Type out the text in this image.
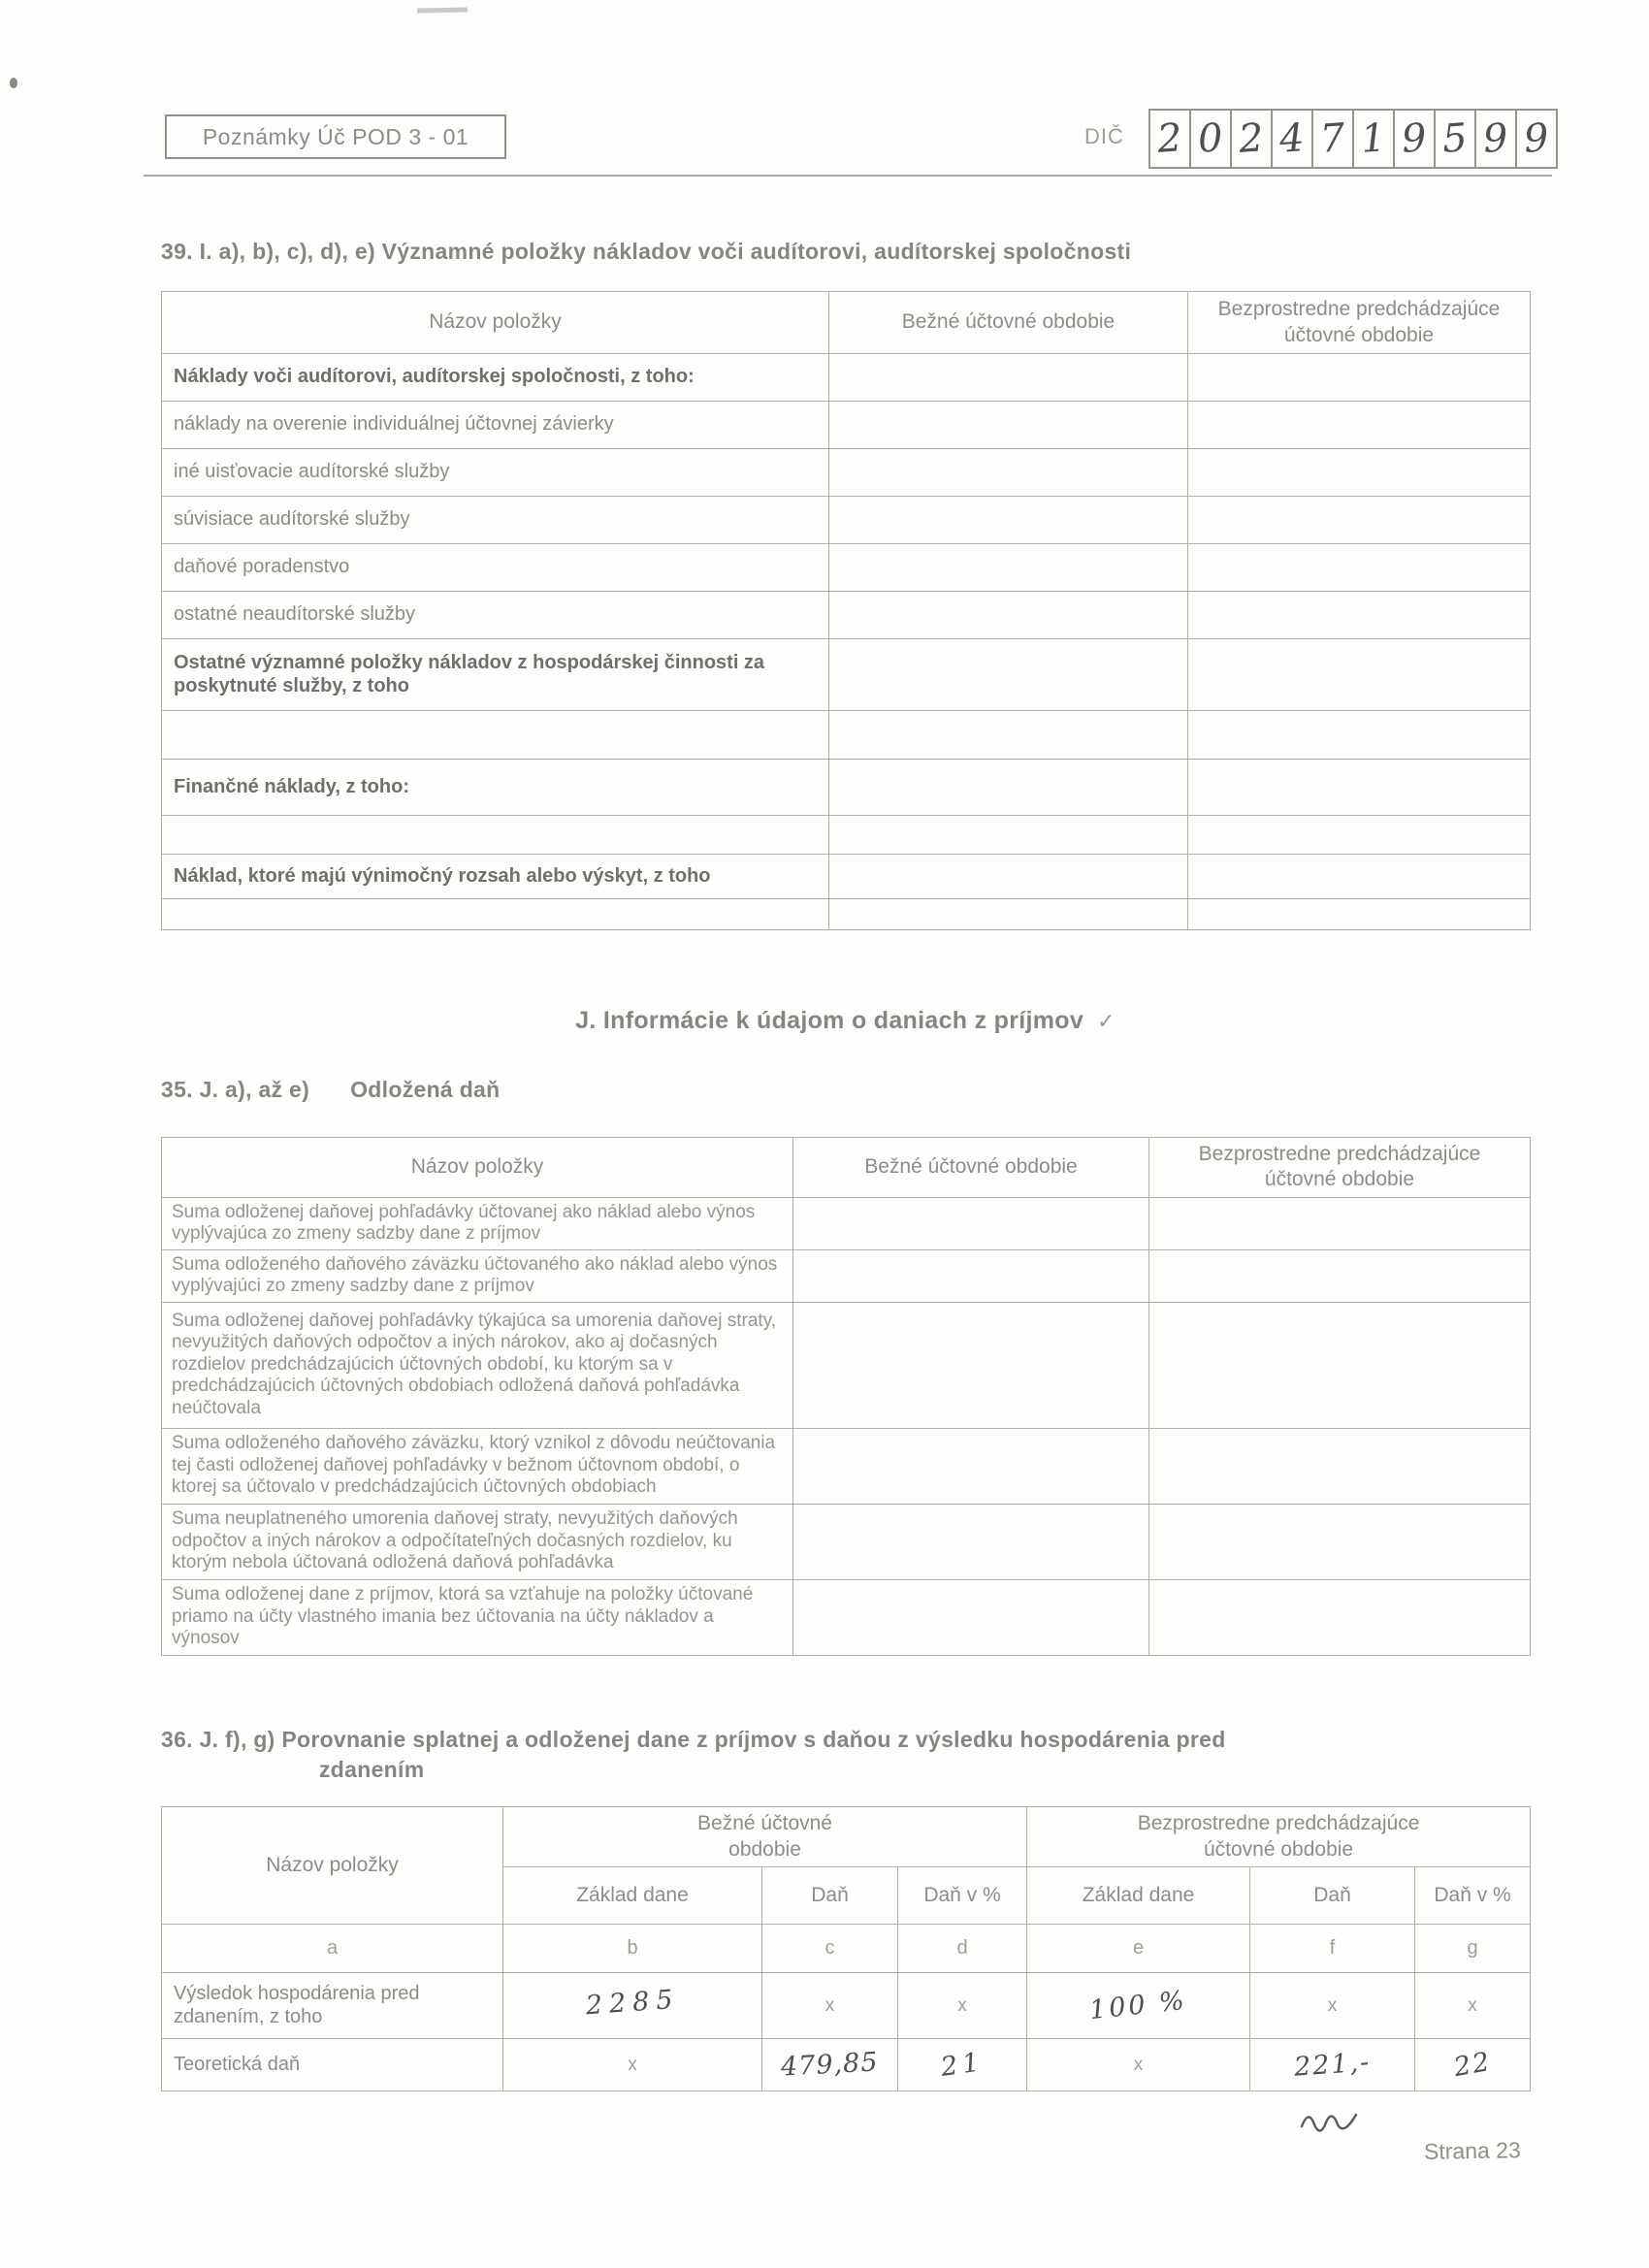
Poznámky Úč POD 3 - 01	DIČ 2 0 2 4 7 1 9 5 9 9
39. I. a), b), c), d), e) Významné položky nákladov voči audítorovi, audítorskej spoločnosti
Názov položky	Bežné účtovné obdobie	Bezprostredne predchádzajúce účtovné obdobie
Náklady voči audítorovi, audítorskej spoločnosti, z toho:		
náklady na overenie individuálnej účtovnej závierky		
iné uisťovacie audítorské služby		
súvisiace audítorské služby		
daňové poradenstvo		
ostatné neaudítorské služby		
Ostatné významné položky nákladov z hospodárskej činnosti za poskytnuté služby, z toho		

Finančné náklady, z toho:		

Náklad, ktoré majú výnimočný rozsah alebo výskyt, z toho		

J. Informácie k údajom o daniach z príjmov ✓
35. J. a), až e) Odložená daň
Názov položky	Bežné účtovné obdobie	Bezprostredne predchádzajúce účtovné obdobie
Suma odloženej daňovej pohľadávky účtovanej ako náklad alebo výnos vyplývajúca zo zmeny sadzby dane z príjmov		
Suma odloženého daňového záväzku účtovaného ako náklad alebo výnos vyplývajúci zo zmeny sadzby dane z príjmov		
Suma odloženej daňovej pohľadávky týkajúca sa umorenia daňovej straty, nevyužitých daňových odpočtov a iných nárokov, ako aj dočasných rozdielov predchádzajúcich účtovných období, ku ktorým sa v predchádzajúcich účtovných obdobiach odložená daňová pohľadávka neúčtovala		
Suma odloženého daňového záväzku, ktorý vznikol z dôvodu neúčtovania tej časti odloženej daňovej pohľadávky v bežnom účtovnom období, o ktorej sa účtovalo v predchádzajúcich účtovných obdobiach		
Suma neuplatneného umorenia daňovej straty, nevyužitých daňových odpočtov a iných nárokov a odpočítateľných dočasných rozdielov, ku ktorým nebola účtovaná odložená daňová pohľadávka		
Suma odloženej dane z príjmov, ktorá sa vzťahuje na položky účtované priamo na účty vlastného imania bez účtovania na účty nákladov a výnosov		
36. J. f), g) Porovnanie splatnej a odloženej dane z príjmov s daňou z výsledku hospodárenia pred
zdanením
Názov položky	
Bežné účtovné
obdobie

Bezprostredne predchádzajúce
účtovné obdobie

	Základ dane	Daň	Daň v %	Základ dane	Daň	Daň v %
a	b	c	d	e	f	g
Výsledok hospodárenia pred zdanením, z toho	2285	x	x	100 %	x	x
Teoretická daň	x	479,85	21	x	221,-	22
Strana 23
